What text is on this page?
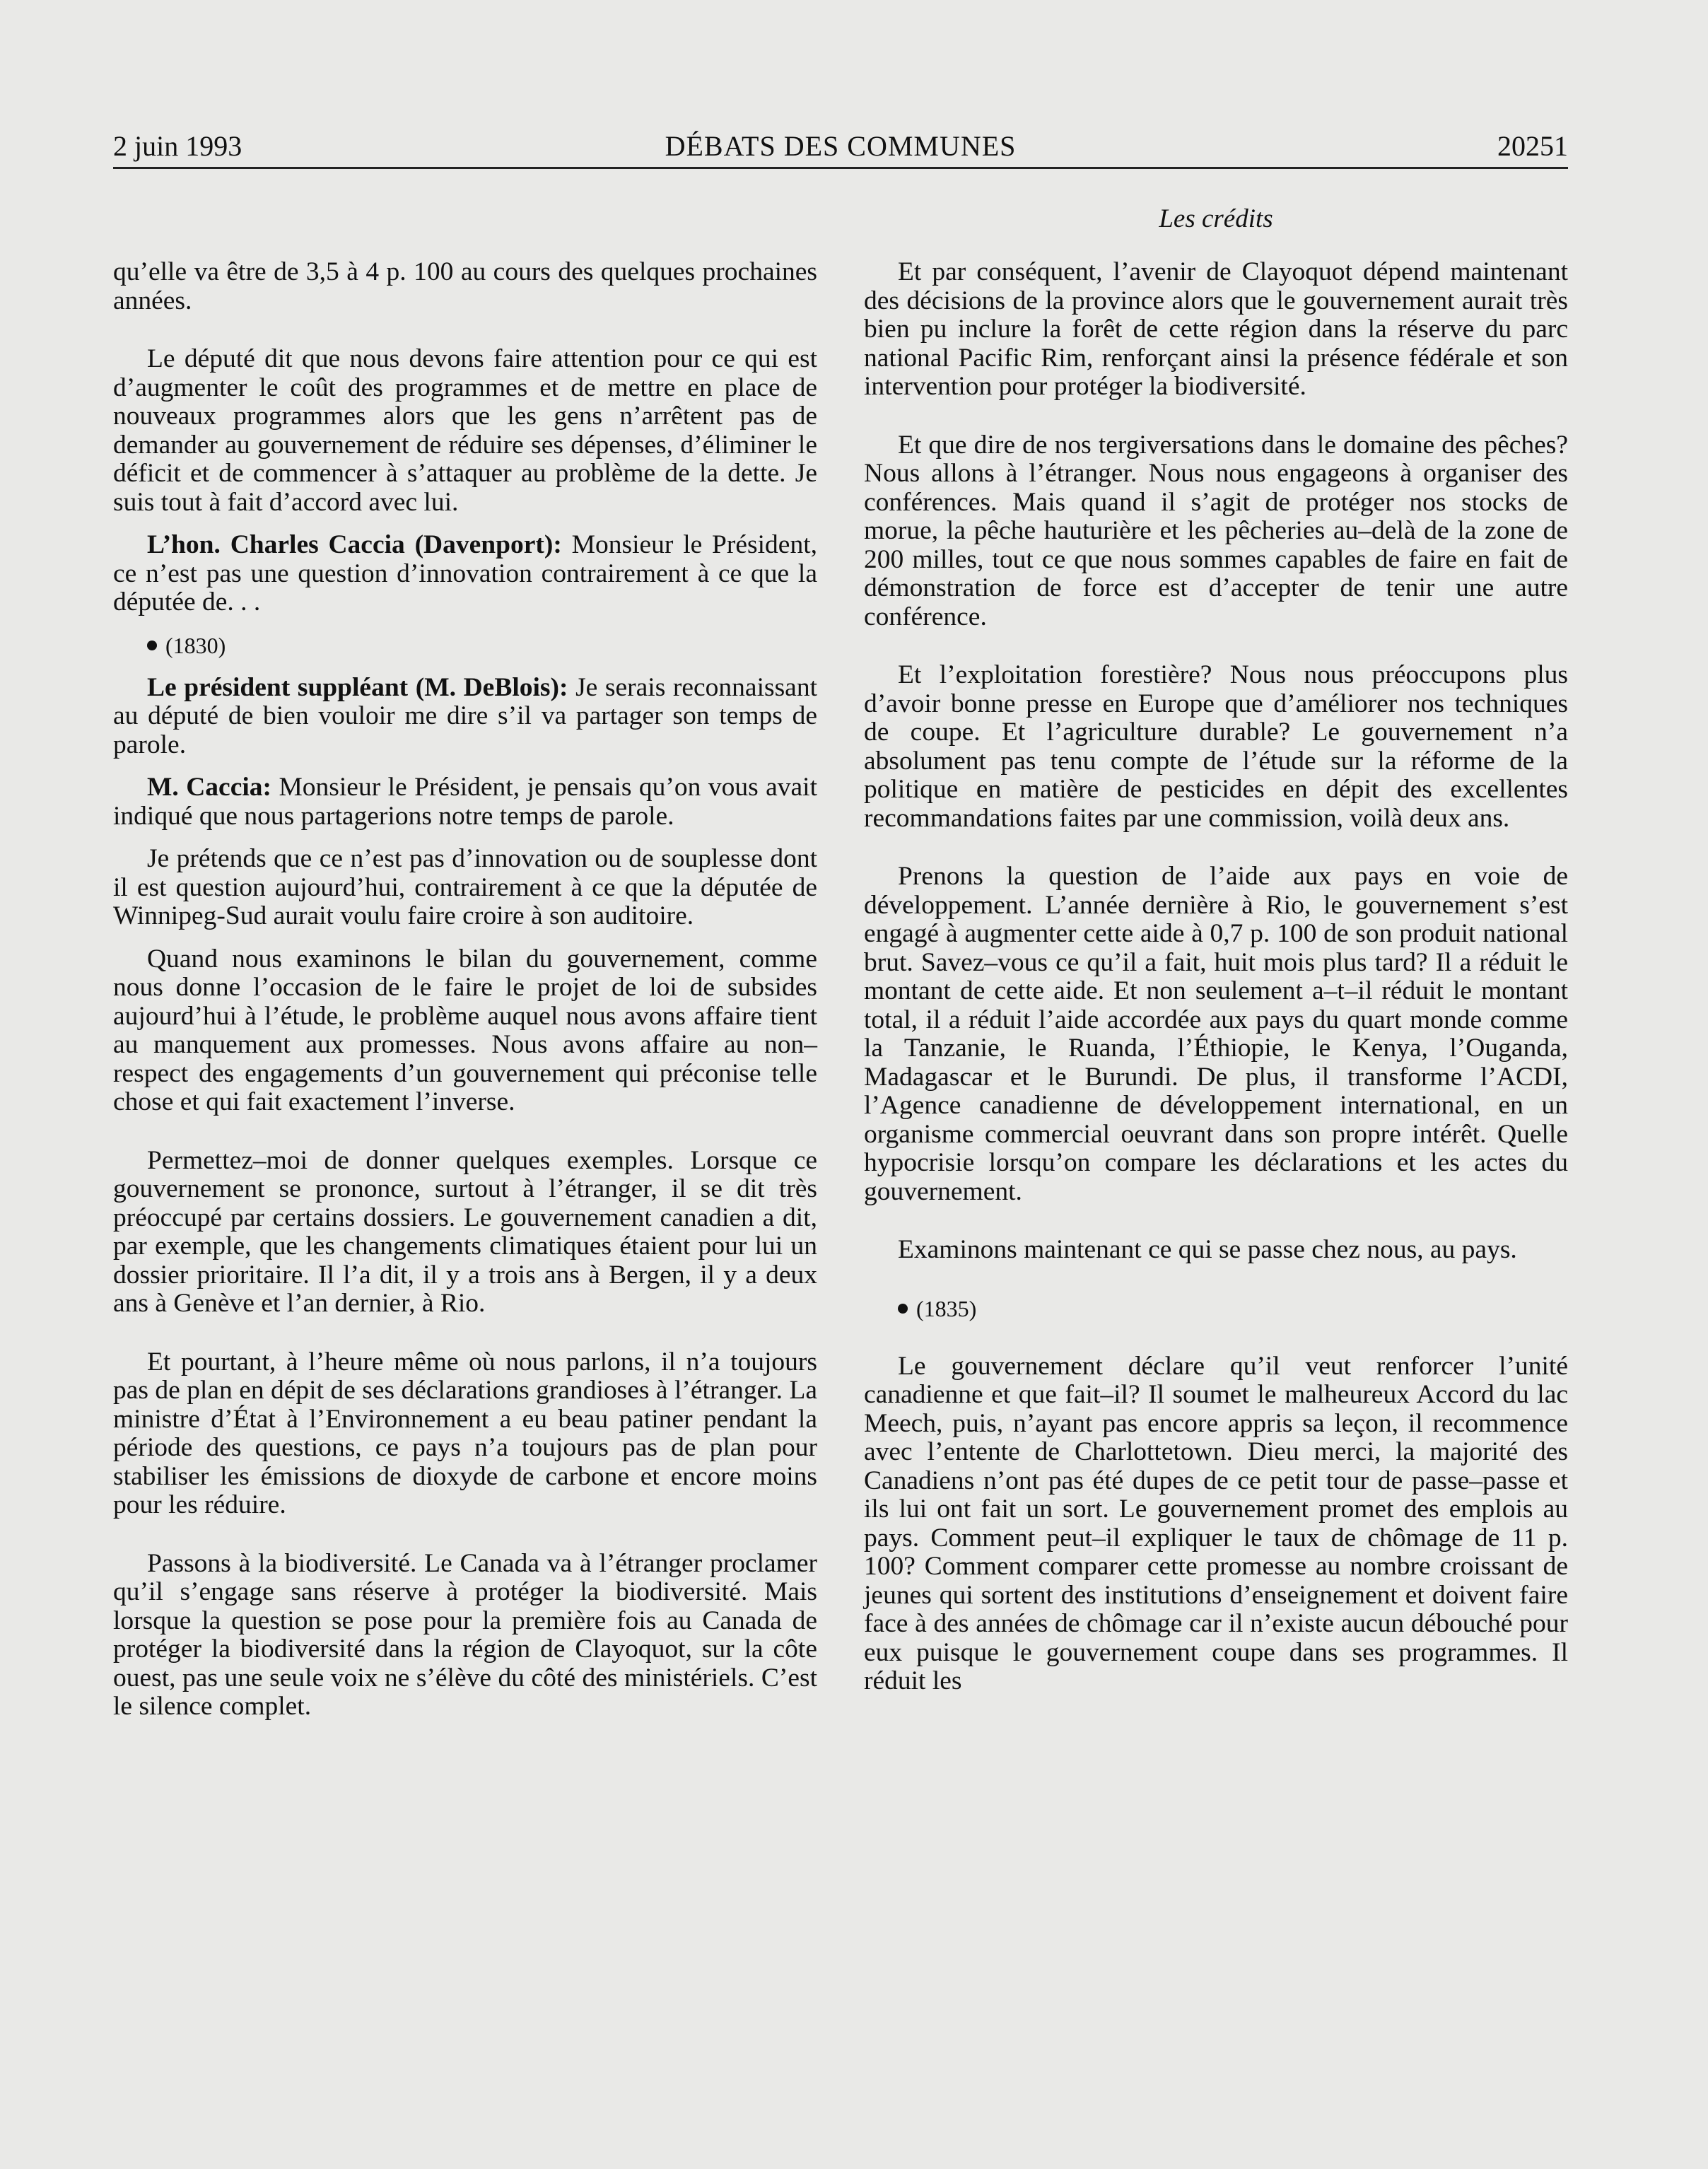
2 juin 1993	DÉBATS DES COMMUNES	20251
Les crédits

qu’elle va être de 3,5 à 4 p. 100 au cours des quelques prochaines années.

Le député dit que nous devons faire attention pour ce qui est d’augmenter le coût des programmes et de mettre en place de nouveaux programmes alors que les gens n’arrêtent pas de demander au gouvernement de réduire ses dépenses, d’éliminer le déficit et de commencer à s’attaquer au problème de la dette. Je suis tout à fait d’accord avec lui.

L’hon. Charles Caccia (Davenport): Monsieur le Président, ce n’est pas une question d’innovation contrairement à ce que la députée de. . .

(1830)

Le président suppléant (M. DeBlois): Je serais reconnaissant au député de bien vouloir me dire s’il va partager son temps de parole.

M. Caccia: Monsieur le Président, je pensais qu’on vous avait indiqué que nous partagerions notre temps de parole.

Je prétends que ce n’est pas d’innovation ou de souplesse dont il est question aujourd’hui, contrairement à ce que la députée de Winnipeg-Sud aurait voulu faire croire à son auditoire.

Quand nous examinons le bilan du gouvernement, comme nous donne l’occasion de le faire le projet de loi de subsides aujourd’hui à l’étude, le problème auquel nous avons affaire tient au manquement aux promesses. Nous avons affaire au non–respect des engagements d’un gouvernement qui préconise telle chose et qui fait exactement l’inverse.

Permettez–moi de donner quelques exemples. Lorsque ce gouvernement se prononce, surtout à l’étranger, il se dit très préoccupé par certains dossiers. Le gouvernement canadien a dit, par exemple, que les changements climatiques étaient pour lui un dossier prioritaire. Il l’a dit, il y a trois ans à Bergen, il y a deux ans à Genève et l’an dernier, à Rio.

Et pourtant, à l’heure même où nous parlons, il n’a toujours pas de plan en dépit de ses déclarations grandioses à l’étranger. La ministre d’État à l’Environnement a eu beau patiner pendant la période des questions, ce pays n’a toujours pas de plan pour stabiliser les émissions de dioxyde de carbone et encore moins pour les réduire.

Passons à la biodiversité. Le Canada va à l’étranger proclamer qu’il s’engage sans réserve à protéger la biodiversité. Mais lorsque la question se pose pour la première fois au Canada de protéger la biodiversité dans la région de Clayoquot, sur la côte ouest, pas une seule voix ne s’élève du côté des ministériels. C’est le silence complet.

Et par conséquent, l’avenir de Clayoquot dépend maintenant des décisions de la province alors que le gouvernement aurait très bien pu inclure la forêt de cette région dans la réserve du parc national Pacific Rim, renforçant ainsi la présence fédérale et son intervention pour protéger la biodiversité.

Et que dire de nos tergiversations dans le domaine des pêches? Nous allons à l’étranger. Nous nous engageons à organiser des conférences. Mais quand il s’agit de protéger nos stocks de morue, la pêche hauturière et les pêcheries au–delà de la zone de 200 milles, tout ce que nous sommes capables de faire en fait de démonstration de force est d’accepter de tenir une autre conférence.

Et l’exploitation forestière? Nous nous préoccupons plus d’avoir bonne presse en Europe que d’améliorer nos techniques de coupe. Et l’agriculture durable? Le gouvernement n’a absolument pas tenu compte de l’étude sur la réforme de la politique en matière de pesticides en dépit des excellentes recommandations faites par une commission, voilà deux ans.

Prenons la question de l’aide aux pays en voie de développement. L’année dernière à Rio, le gouvernement s’est engagé à augmenter cette aide à 0,7 p. 100 de son produit national brut. Savez–vous ce qu’il a fait, huit mois plus tard? Il a réduit le montant de cette aide. Et non seulement a–t–il réduit le montant total, il a réduit l’aide accordée aux pays du quart monde comme la Tanzanie, le Ruanda, l’Éthiopie, le Kenya, l’Ouganda, Madagascar et le Burundi. De plus, il transforme l’ACDI, l’Agence canadienne de développement international, en un organisme commercial oeuvrant dans son propre intérêt. Quelle hypocrisie lorsqu’on compare les déclarations et les actes du gouvernement.

Examinons maintenant ce qui se passe chez nous, au pays.

(1835)

Le gouvernement déclare qu’il veut renforcer l’unité canadienne et que fait–il? Il soumet le malheureux Accord du lac Meech, puis, n’ayant pas encore appris sa leçon, il recommence avec l’entente de Charlottetown. Dieu merci, la majorité des Canadiens n’ont pas été dupes de ce petit tour de passe–passe et ils lui ont fait un sort. Le gouvernement promet des emplois au pays. Comment peut–il expliquer le taux de chômage de 11 p. 100? Comment comparer cette promesse au nombre croissant de jeunes qui sortent des institutions d’enseignement et doivent faire face à des années de chômage car il n’existe aucun débouché pour eux puisque le gouvernement coupe dans ses programmes. Il réduit les
